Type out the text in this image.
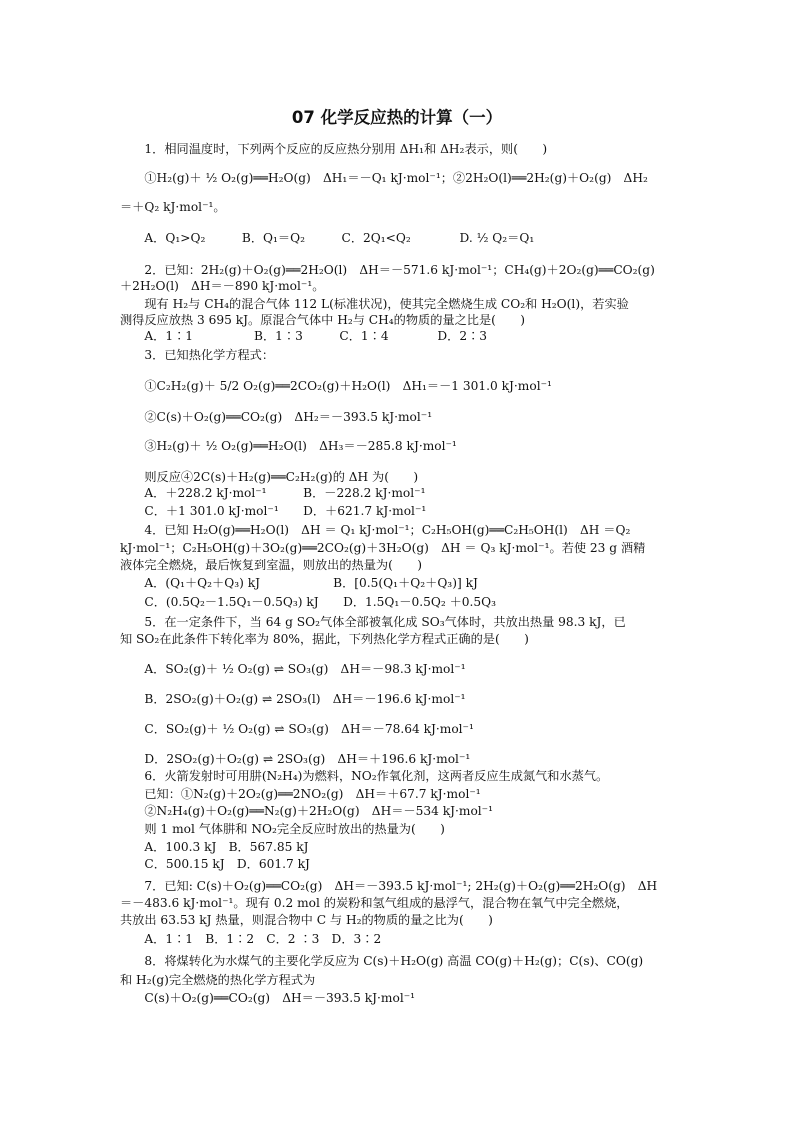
07 化学反应热的计算（一）
　　1．相同温度时，下列两个反应的反应热分别用 ΔH₁和 ΔH₂表示，则(　　)
　　①H₂(g)＋ ½ O₂(g)══H₂O(g)　ΔH₁＝－Q₁ kJ·mol⁻¹；②2H₂O(l)══2H₂(g)＋O₂(g)　ΔH₂
＝＋Q₂ kJ·mol⁻¹。
　　A．Q₁>Q₂　　　B．Q₁＝Q₂　　　C．2Q₁<Q₂　　　　D. ½ Q₂＝Q₁
　　2．已知：2H₂(g)＋O₂(g)══2H₂O(l)　ΔH＝－571.6 kJ·mol⁻¹；CH₄(g)＋2O₂(g)══CO₂(g)
＋2H₂O(l)　ΔH＝－890 kJ·mol⁻¹。
　　现有 H₂与 CH₄的混合气体 112 L(标准状况)，使其完全燃烧生成 CO₂和 H₂O(l)，若实验
测得反应放热 3 695 kJ。原混合气体中 H₂与 CH₄的物质的量之比是(　　)
　　A．1∶1　　　　　B．1∶3　　　C．1∶4　　　　D．2∶3
　　3．已知热化学方程式：
　　①C₂H₂(g)＋ 5/2 O₂(g)══2CO₂(g)＋H₂O(l)　ΔH₁＝－1 301.0 kJ·mol⁻¹
　　②C(s)＋O₂(g)══CO₂(g)　ΔH₂＝－393.5 kJ·mol⁻¹
　　③H₂(g)＋ ½ O₂(g)══H₂O(l)　ΔH₃＝－285.8 kJ·mol⁻¹
　　则反应④2C(s)＋H₂(g)══C₂H₂(g)的 ΔH 为(　　)
　　A．＋228.2 kJ·mol⁻¹　　　B．－228.2 kJ·mol⁻¹
　　C．＋1 301.0 kJ·mol⁻¹　　D．＋621.7 kJ·mol⁻¹
　　4．已知 H₂O(g)══H₂O(l)　ΔH ＝ Q₁ kJ·mol⁻¹；C₂H₅OH(g)══C₂H₅OH(l)　ΔH ＝Q₂
kJ·mol⁻¹；C₂H₅OH(g)＋3O₂(g)══2CO₂(g)＋3H₂O(g)　ΔH ＝ Q₃ kJ·mol⁻¹。若使 23 g 酒精
液体完全燃烧，最后恢复到室温，则放出的热量为(　　)
　　A．(Q₁＋Q₂＋Q₃) kJ　　　　　　B．[0.5(Q₁＋Q₂＋Q₃)] kJ
　　C．(0.5Q₂－1.5Q₁－0.5Q₃) kJ　　D．1.5Q₁－0.5Q₂ ＋0.5Q₃
　　5．在一定条件下，当 64 g SO₂气体全部被氧化成 SO₃气体时，共放出热量 98.3 kJ，已
知 SO₂在此条件下转化率为 80%，据此，下列热化学方程式正确的是(　　)
　　A．SO₂(g)＋ ½ O₂(g) ⇌ SO₃(g)　ΔH＝－98.3 kJ·mol⁻¹
　　B．2SO₂(g)＋O₂(g) ⇌ 2SO₃(l)　ΔH＝－196.6 kJ·mol⁻¹
　　C．SO₂(g)＋ ½ O₂(g) ⇌ SO₃(g)　ΔH＝－78.64 kJ·mol⁻¹
　　D．2SO₂(g)＋O₂(g) ⇌ 2SO₃(g)　ΔH＝＋196.6 kJ·mol⁻¹
　　6．火箭发射时可用肼(N₂H₄)为燃料，NO₂作氧化剂，这两者反应生成氮气和水蒸气。
　　已知：①N₂(g)＋2O₂(g)══2NO₂(g)　ΔH＝＋67.7 kJ·mol⁻¹
　　②N₂H₄(g)＋O₂(g)══N₂(g)＋2H₂O(g)　ΔH＝－534 kJ·mol⁻¹
　　则 1 mol 气体肼和 NO₂完全反应时放出的热量为(　　)
　　A．100.3 kJ　B．567.85 kJ
　　C．500.15 kJ　D．601.7 kJ
　　7．已知: C(s)＋O₂(g)══CO₂(g)　ΔH＝－393.5 kJ·mol⁻¹; 2H₂(g)＋O₂(g)══2H₂O(g)　ΔH
＝－483.6 kJ·mol⁻¹。现有 0.2 mol 的炭粉和氢气组成的悬浮气，混合物在氧气中完全燃烧，
共放出 63.53 kJ 热量，则混合物中 C 与 H₂的物质的量之比为(　　)
　　A．1∶1　B．1∶2　C．2 ∶3　D．3∶2
　　8．将煤转化为水煤气的主要化学反应为 C(s)＋H₂O(g) 高温 CO(g)＋H₂(g)；C(s)、CO(g)
和 H₂(g)完全燃烧的热化学方程式为
　　C(s)＋O₂(g)══CO₂(g)　ΔH＝－393.5 kJ·mol⁻¹
